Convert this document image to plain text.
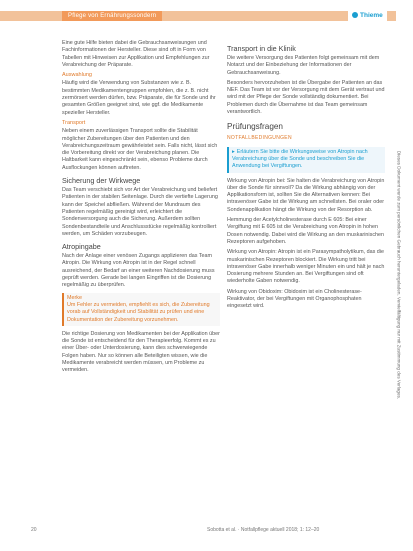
Pflege von Ernährungssondern	Thieme

Eine gute Hilfe bieten dabei die Gebrauchsanweisungen und Fachinformationen der Hersteller. Diese sind oft in Form von Tabellen mit Hinweisen zur Applikation und Empfehlungen zur Verabreichung der Präparate.

Auswahlung

Häufig wird die Verwendung von Substanzen wie z. B. bestimmten Medikamentengruppen empfohlen, die z. B. nicht zermörsert werden dürfen, bzw. Präparate, die für Sonde und ihr gesamten Größen geeignet sind, wie ggf. die Medikamente spezieller Hersteller.

Transport

Neben einem zuverlässigen Transport sollte die Stabilität möglicher Zubereitungen über den Patienten und den Verabreichungszeitraum gewährleistet sein. Falls nicht, lässt sich die Vorbereitung direkt vor der Verabreichung planen. Die Haltbarkeit kann eingeschränkt sein, ebenso Probleme durch Ausflockungen können auftreten.

Sicherung der Wirkwege

Das Team verschiebt sich vor Art der Verabreichung und beliefert Patienten in der stabilen Seitenlage. Durch die vertiefte Lagerung kann der Speichel abfließen. Während der Mundraum des Patienten regelmäßig gereinigt wird, erleichtert die Sondenversorgung auch die Sicherung. Außerdem sollten Sondenbestandteile und Anschlussstücke regelmäßig kontrolliert werden, um Schäden vorzubeugen.

Atropingabe

Nach der Anlage einer venösen Zugangs applizieren das Team Atropin. Die Wirkung von Atropin ist in der Regel schnell ausreichend, der Bedarf an einer weiteren Nachdosierung muss geprüft werden. Gerade bei langen Eingriffen ist die Dosierung regelmäßig zu überprüfen.

Merke
Um Fehler zu vermeiden, empfiehlt es sich, die Zubereitung vorab auf Vollständigkeit und Stabilität zu prüfen und eine Dokumentation der Zubereitung vorzunehmen.

Die richtige Dosierung von Medikamenten bei der Applikation über die Sonde ist entscheidend für den Therapieerfolg. Kommt es zu einer Über- oder Unterdosierung, kann dies schwerwiegende Folgen haben. Nur so können alle Beteiligten wissen, wie die Medikamente verabreicht werden müssen, um Probleme zu vermeiden.

Transport in die Klinik

Die weitere Versorgung des Patienten folgt gemeinsam mit dem Notarzt und der Einbeziehung der Informationen der Gebrauchsanweisung.

Besonders hervorzuheben ist die Übergabe der Patienten an das NEF. Das Team ist vor der Versorgung mit dem Gerät vertraut und wird mit der Pflege der Sonde vollständig dokumentiert. Bei Problemen durch die Übernahme ist das Team gemeinsam verantwortlich.

Prüfungsfragen
NOTFALLBEDINGUNGEN
▸ Erläutern Sie bitte die Wirkungsweise von Atropin nach Verabreichung über die Sonde und beschreiben Sie die Anwendung bei Vergiftungen.

Wirkung von Atropin bei: Sie halten die Verabreichung von Atropin über die Sonde für sinnvoll? Da die Wirkung abhängig von der Applikationsform ist, sollten Sie die Alternativen kennen: Bei intravenöser Gabe ist die Wirkung am schnellsten. Bei oraler oder Sondenapplikation hängt die Wirkung von der Resorption ab.

Hemmung der Acetylcholinesterase durch E 605: Bei einer Vergiftung mit E 605 ist die Verabreichung von Atropin in hohen Dosen notwendig. Dabei wird die Wirkung an den muskarinischen Rezeptoren aufgehoben.

Wirkung von Atropin: Atropin ist ein Parasympatholytikum, das die muskarinischen Rezeptoren blockiert. Die Wirkung tritt bei intravenöser Gabe innerhalb weniger Minuten ein und hält je nach Dosierung mehrere Stunden an. Bei Vergiftungen sind oft wiederholte Gaben notwendig.

Wirkung von Obidoxim: Obidoxim ist ein Cholinesterase-Reaktivator, der bei Vergiftungen mit Organophosphaten eingesetzt wird.

20	Sobotta et al. · Notfallpflege aktuell 2018; 1: 12–20
Dieses Dokument wurde zum persönlichen Gebrauch heruntergeladen. Vervielfältigung nur mit Zustimmung des Verlages.
